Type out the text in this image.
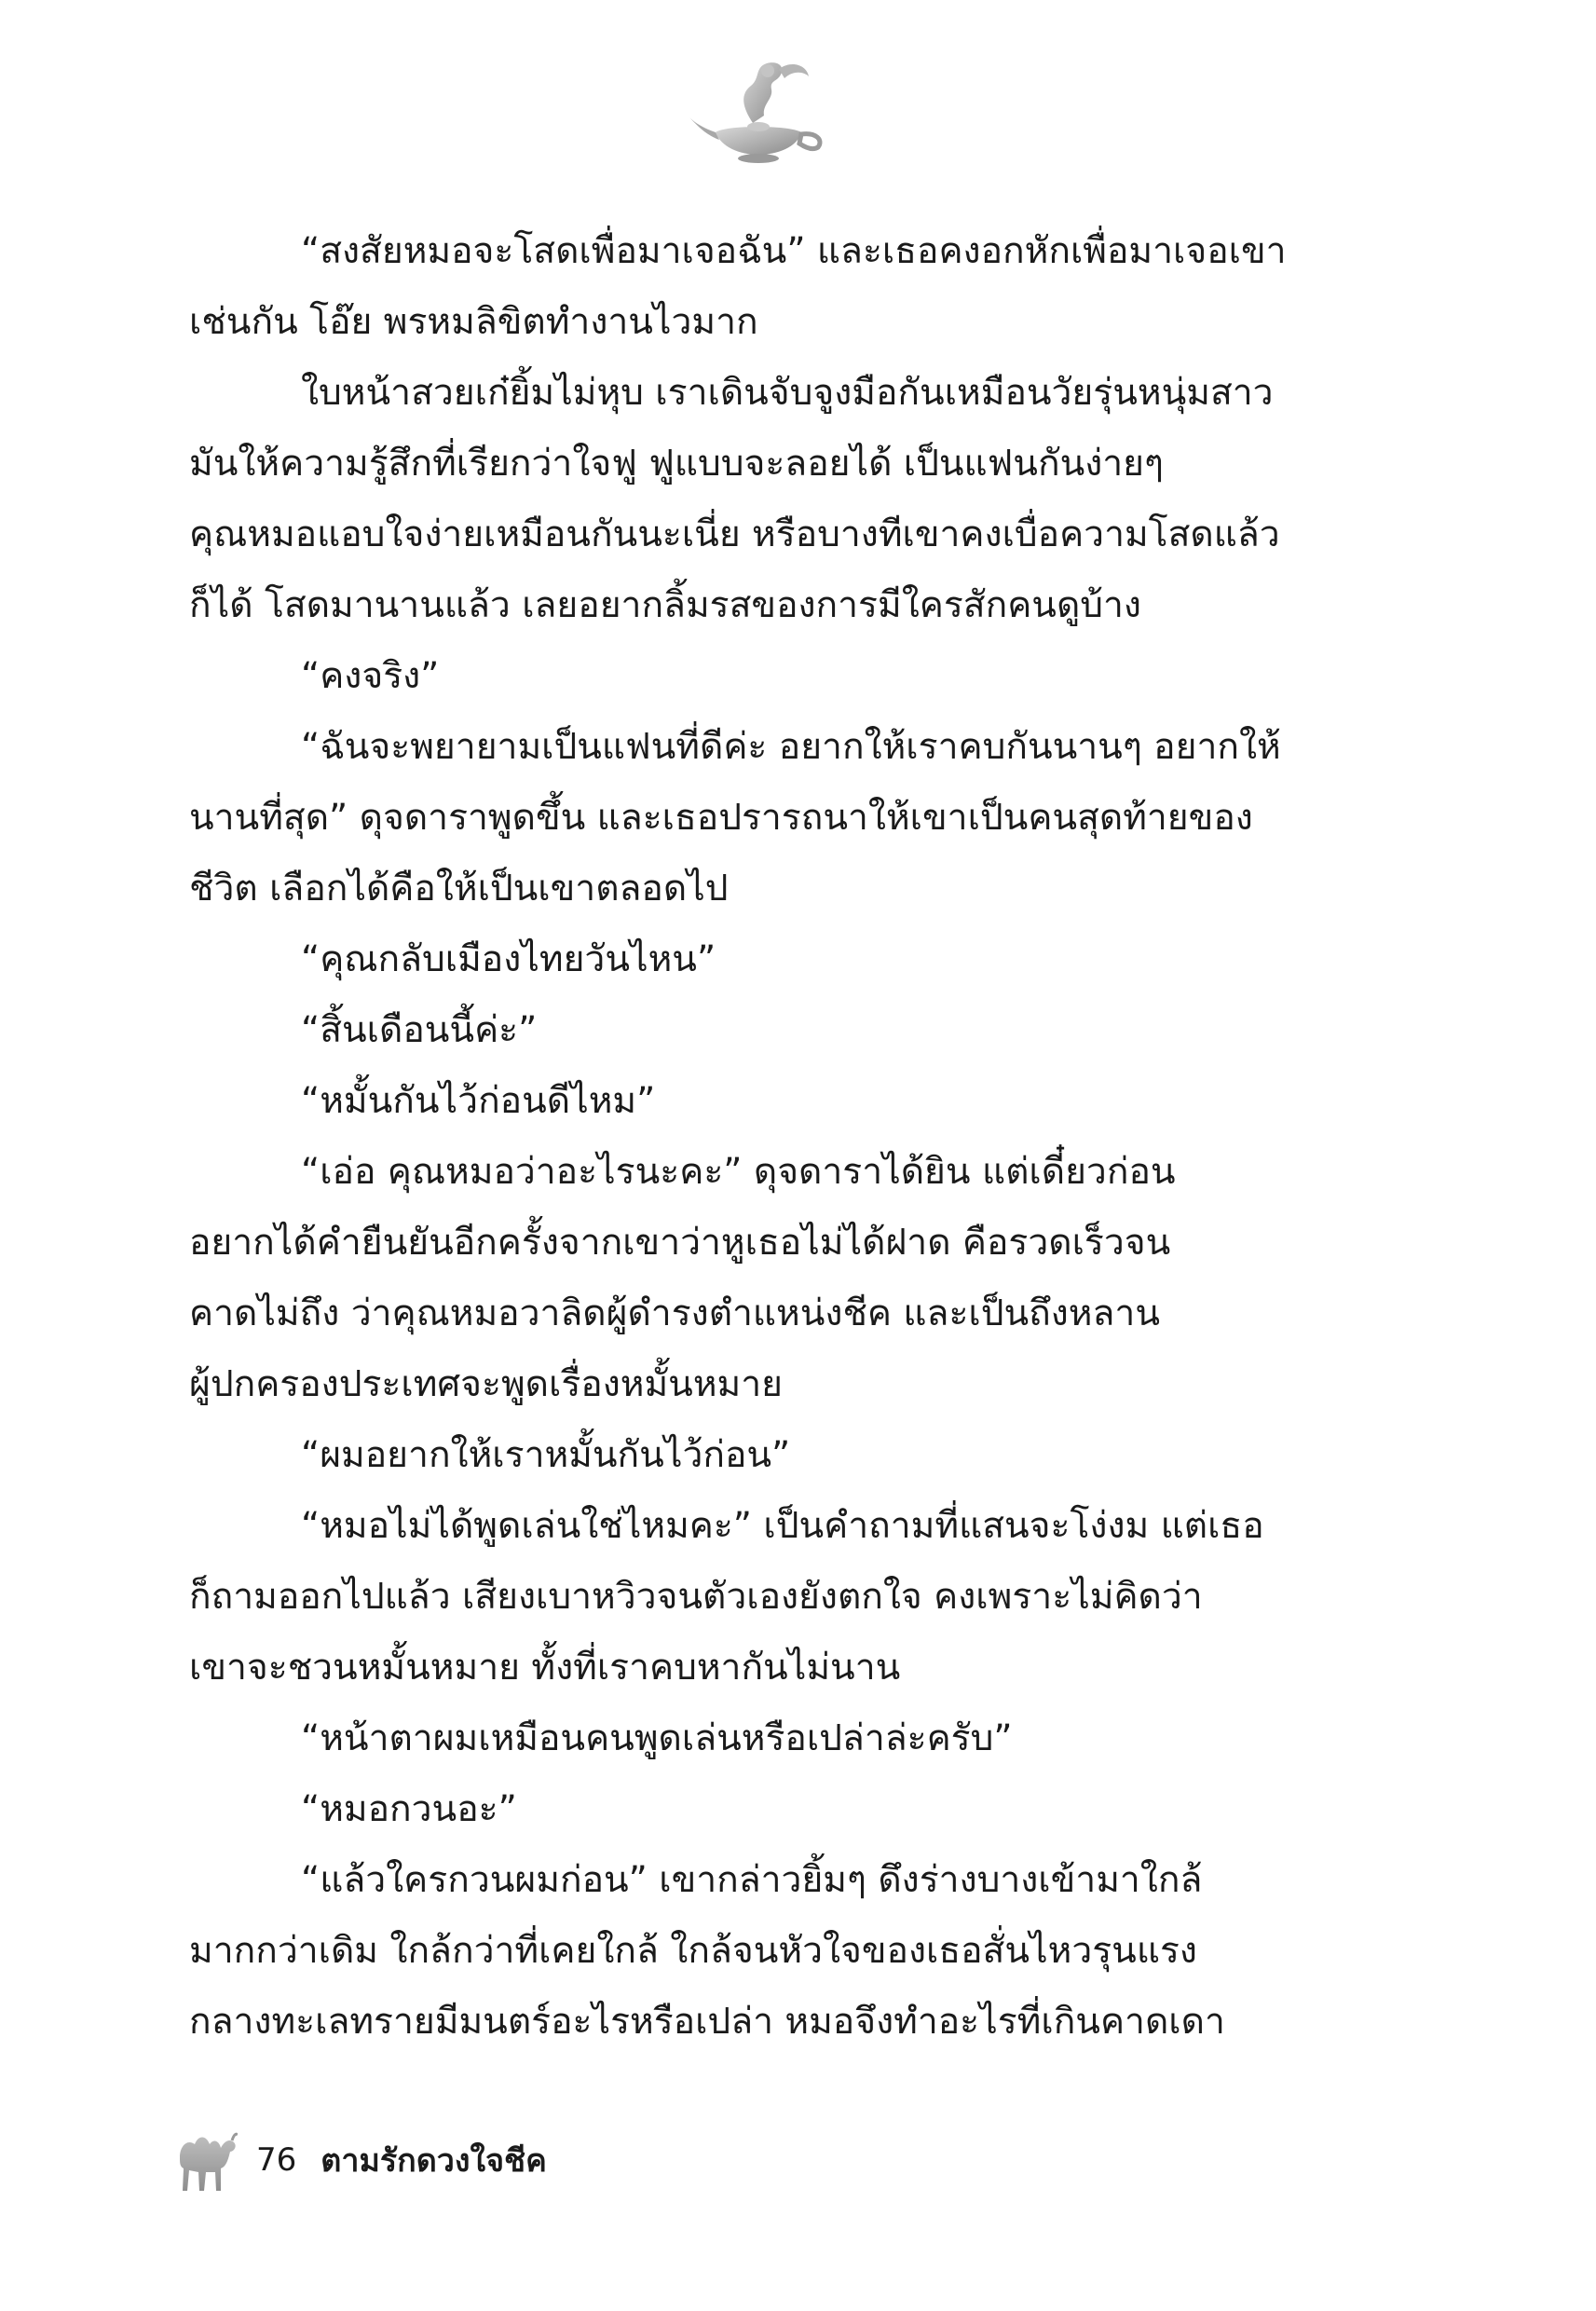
“สงสัยหมอจะโสดเพื่อมาเจอฉัน” และเธอคงอกหักเพื่อมาเจอเขา

เช่นกัน โอ๊ย พรหมลิขิตทำงานไวมาก

ใบหน้าสวยเก๋ยิ้มไม่หุบ เราเดินจับจูงมือกันเหมือนวัยรุ่นหนุ่มสาว

มันให้ความรู้สึกที่เรียกว่าใจฟู ฟูแบบจะลอยได้ เป็นแฟนกันง่ายๆ

คุณหมอแอบใจง่ายเหมือนกันนะเนี่ย หรือบางทีเขาคงเบื่อความโสดแล้ว

ก็ได้ โสดมานานแล้ว เลยอยากลิ้มรสของการมีใครสักคนดูบ้าง

“คงจริง”

“ฉันจะพยายามเป็นแฟนที่ดีค่ะ อยากให้เราคบกันนานๆ อยากให้

นานที่สุด” ดุจดาราพูดขึ้น และเธอปรารถนาให้เขาเป็นคนสุดท้ายของ

ชีวิต เลือกได้คือให้เป็นเขาตลอดไป

“คุณกลับเมืองไทยวันไหน”

“สิ้นเดือนนี้ค่ะ”

“หมั้นกันไว้ก่อนดีไหม”

“เอ่อ คุณหมอว่าอะไรนะคะ” ดุจดาราได้ยิน แต่เดี๋ยวก่อน

อยากได้คำยืนยันอีกครั้งจากเขาว่าหูเธอไม่ได้ฝาด คือรวดเร็วจน

คาดไม่ถึง ว่าคุณหมอวาลิดผู้ดำรงตำแหน่งชีค และเป็นถึงหลาน

ผู้ปกครองประเทศจะพูดเรื่องหมั้นหมาย

“ผมอยากให้เราหมั้นกันไว้ก่อน”

“หมอไม่ได้พูดเล่นใช่ไหมคะ” เป็นคำถามที่แสนจะโง่งม แต่เธอ

ก็ถามออกไปแล้ว เสียงเบาหวิวจนตัวเองยังตกใจ คงเพราะไม่คิดว่า

เขาจะชวนหมั้นหมาย ทั้งที่เราคบหากันไม่นาน

“หน้าตาผมเหมือนคนพูดเล่นหรือเปล่าล่ะครับ”

“หมอกวนอะ”

“แล้วใครกวนผมก่อน” เขากล่าวยิ้มๆ ดึงร่างบางเข้ามาใกล้

มากกว่าเดิม ใกล้กว่าที่เคยใกล้ ใกล้จนหัวใจของเธอสั่นไหวรุนแรง

กลางทะเลทรายมีมนตร์อะไรหรือเปล่า หมอจึงทำอะไรที่เกินคาดเดา

76 ตามรักดวงใจชีค
